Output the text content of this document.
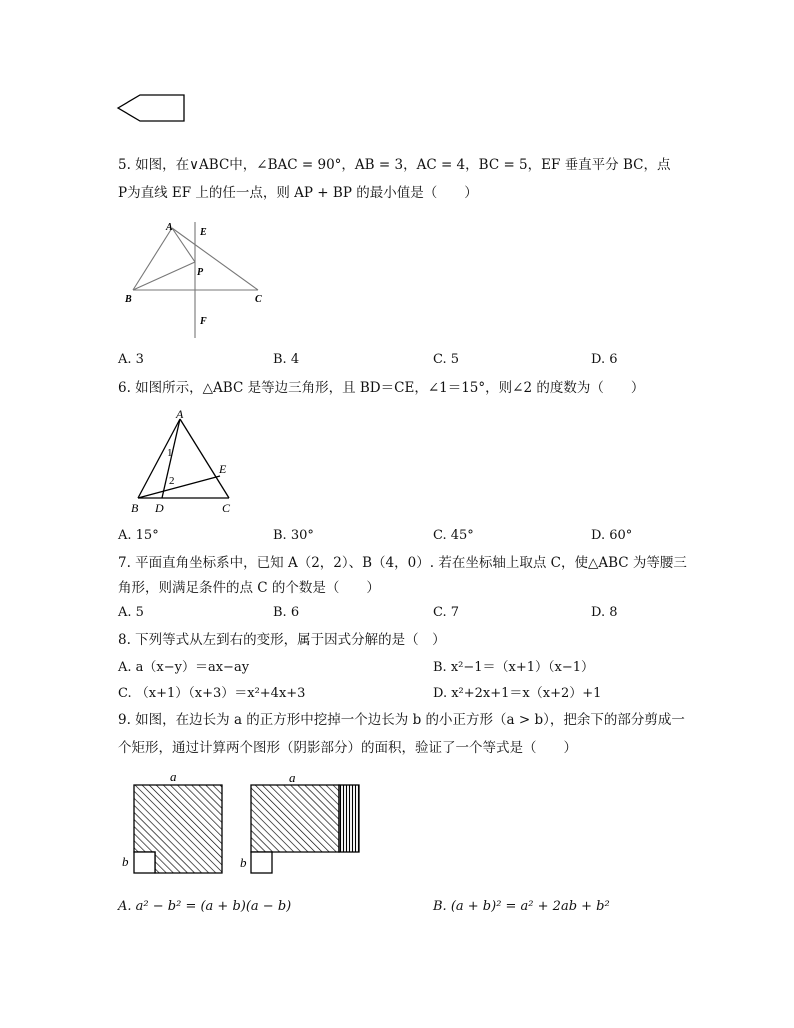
5. 如图，在∨ABC中，∠BAC = 90°，AB = 3，AC = 4，BC = 5，EF 垂直平分 BC，点
P为直线 EF 上的任一点，则 AP + BP 的最小值是（　　）
A
B	C
E
F
P
A. 3	B. 4	C. 5	D. 6
6. 如图所示，△ABC 是等边三角形，且 BD＝CE，∠1＝15°，则∠2 的度数为（　　）
A
B	C
D
E
1
2
A. 15°	B. 30°	C. 45°	D. 60°
7. 平面直角坐标系中，已知 A（2，2）、B（4，0）. 若在坐标轴上取点 C，使△ABC 为等腰三
角形，则满足条件的点 C 的个数是（　　）
A. 5	B. 6	C. 7	D. 8
8. 下列等式从左到右的变形，属于因式分解的是（　）
A. a（x−y）＝ax−ay	B. x²−1＝（x+1）（x−1）
C. （x+1）（x+3）＝x²+4x+3	D. x²+2x+1＝x（x+2）+1
9. 如图，在边长为 a 的正方形中挖掉一个边长为 b 的小正方形（a > b），把余下的部分剪成一
个矩形，通过计算两个图形（阴影部分）的面积，验证了一个等式是（　　）
a
b
a
b
A. a² − b² = (a + b)(a − b)	B. (a + b)² = a² + 2ab + b²
